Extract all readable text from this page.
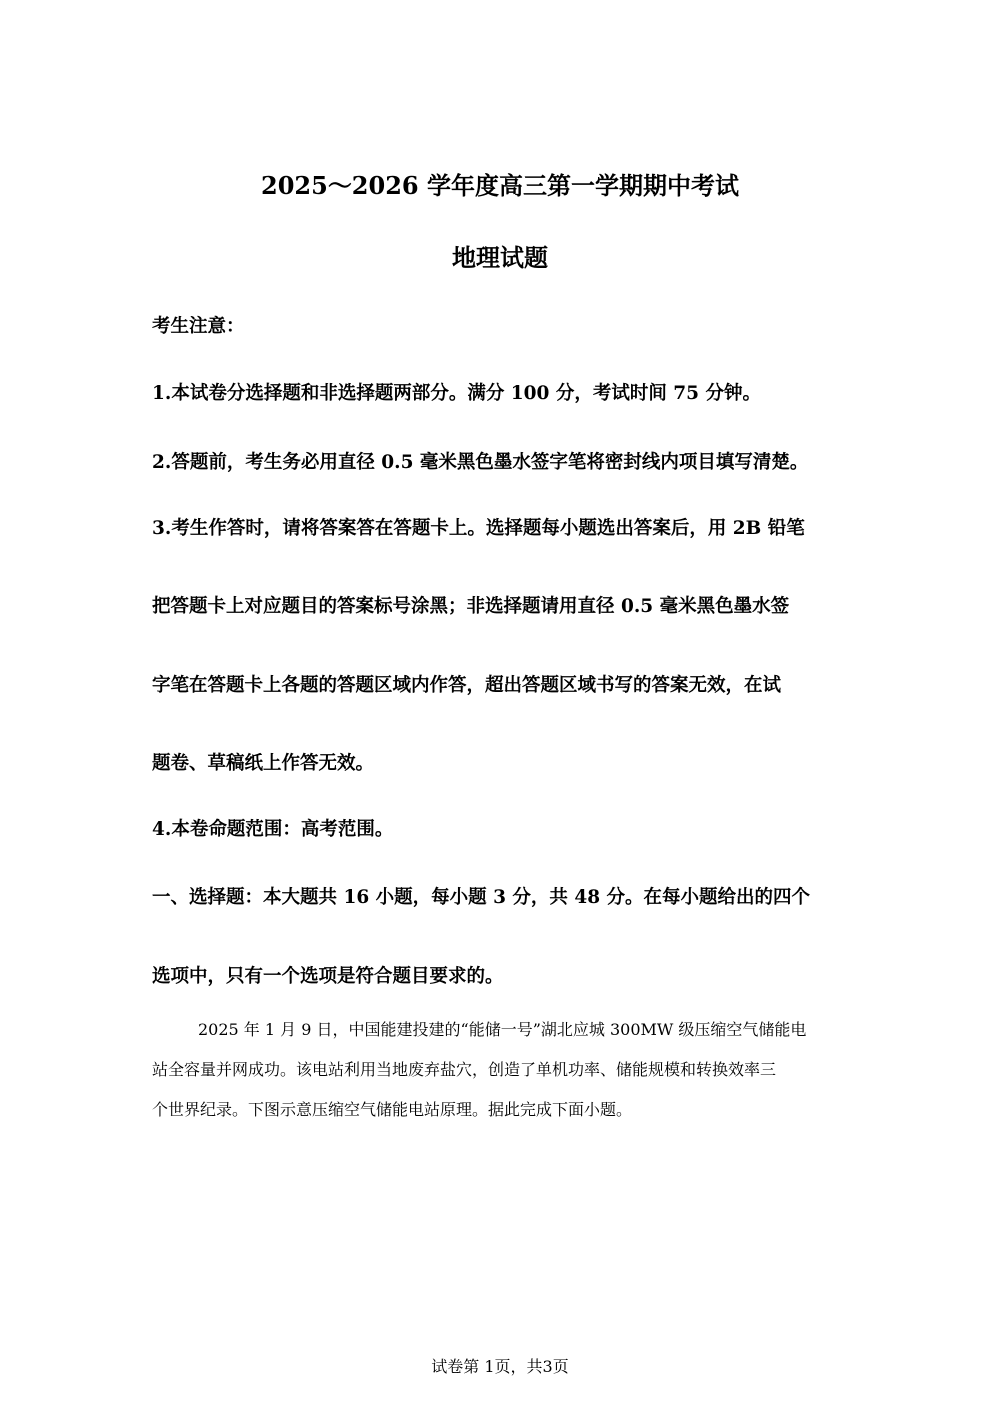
2025～2026 学年度高三第一学期期中考试
地理试题
考生注意：
1.本试卷分选择题和非选择题两部分。满分 100 分，考试时间 75 分钟。
2.答题前，考生务必用直径 0.5 毫米黑色墨水签字笔将密封线内项目填写清楚。
3.考生作答时，请将答案答在答题卡上。选择题每小题选出答案后，用 2B 铅笔
把答题卡上对应题目的答案标号涂黑；非选择题请用直径 0.5 毫米黑色墨水签
字笔在答题卡上各题的答题区域内作答，超出答题区域书写的答案无效，在试
题卷、草稿纸上作答无效。
4.本卷命题范围：高考范围。
一、选择题：本大题共 16 小题，每小题 3 分，共 48 分。在每小题给出的四个
选项中，只有一个选项是符合题目要求的。
2025 年 1 月 9 日，中国能建投建的“能储一号”湖北应城 300MW 级压缩空气储能电
站全容量并网成功。该电站利用当地废弃盐穴，创造了单机功率、储能规模和转换效率三
个世界纪录。下图示意压缩空气储能电站原理。据此完成下面小题。
试卷第 1页，共3页
